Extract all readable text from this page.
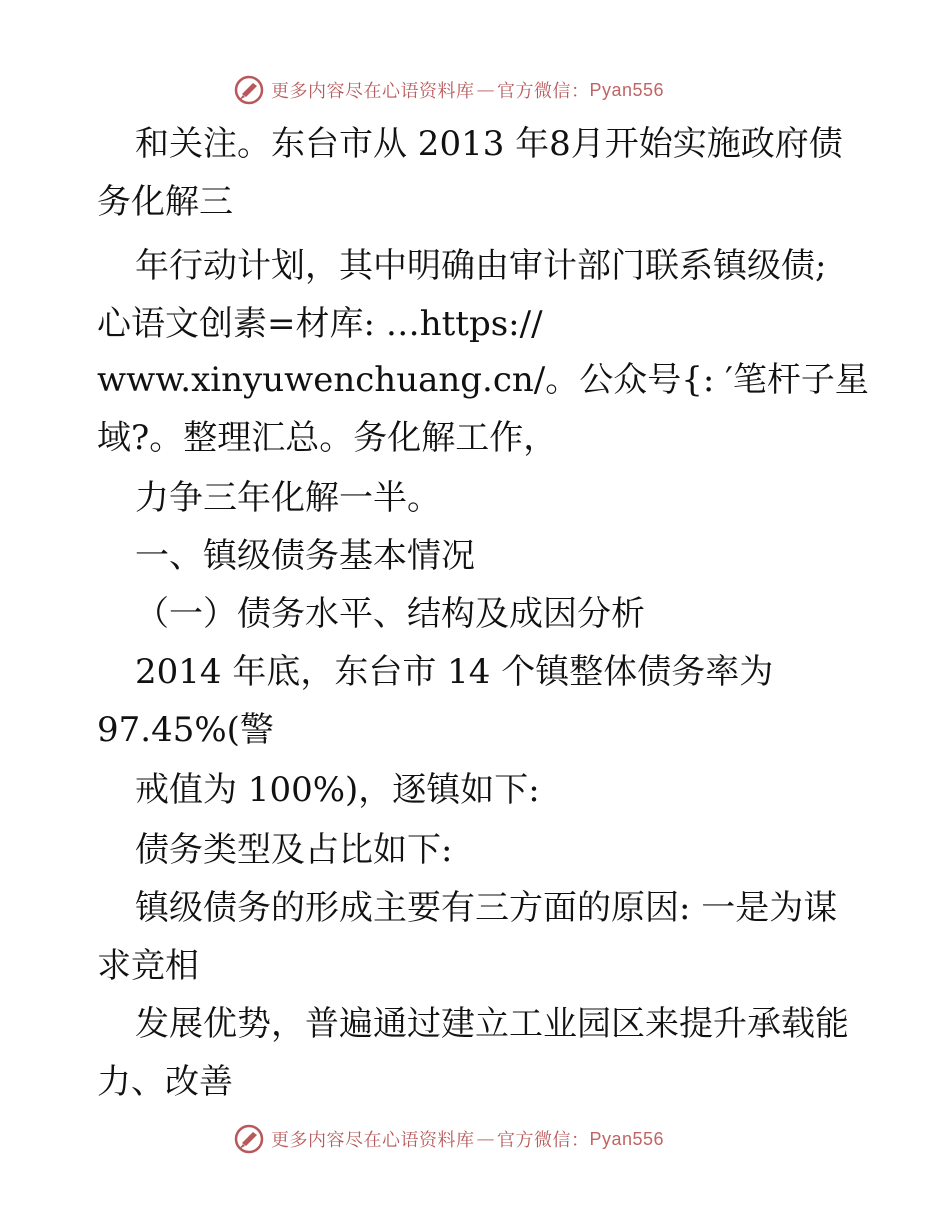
更多内容尽在心语资料库 — 官方微信： Pyan556
和关注。东台市从 2013 年8月开始实施政府债
务化解三
年行动计划，其中明确由审计部门联系镇级债;
心语文创素=材库: …https://
www.xinyuwenchuang.cn/。公众号{: ′笔杆子星
域?。整理汇总。务化解工作，
力争三年化解一半。
一、镇级债务基本情况
（一）债务水平、结构及成因分析
2014 年底，东台市 14 个镇整体债务率为
97.45%(警
戒值为 100%)，逐镇如下:
债务类型及占比如下:
镇级债务的形成主要有三方面的原因: 一是为谋
求竞相
发展优势，普遍通过建立工业园区来提升承载能
力、改善
更多内容尽在心语资料库 — 官方微信： Pyan556
